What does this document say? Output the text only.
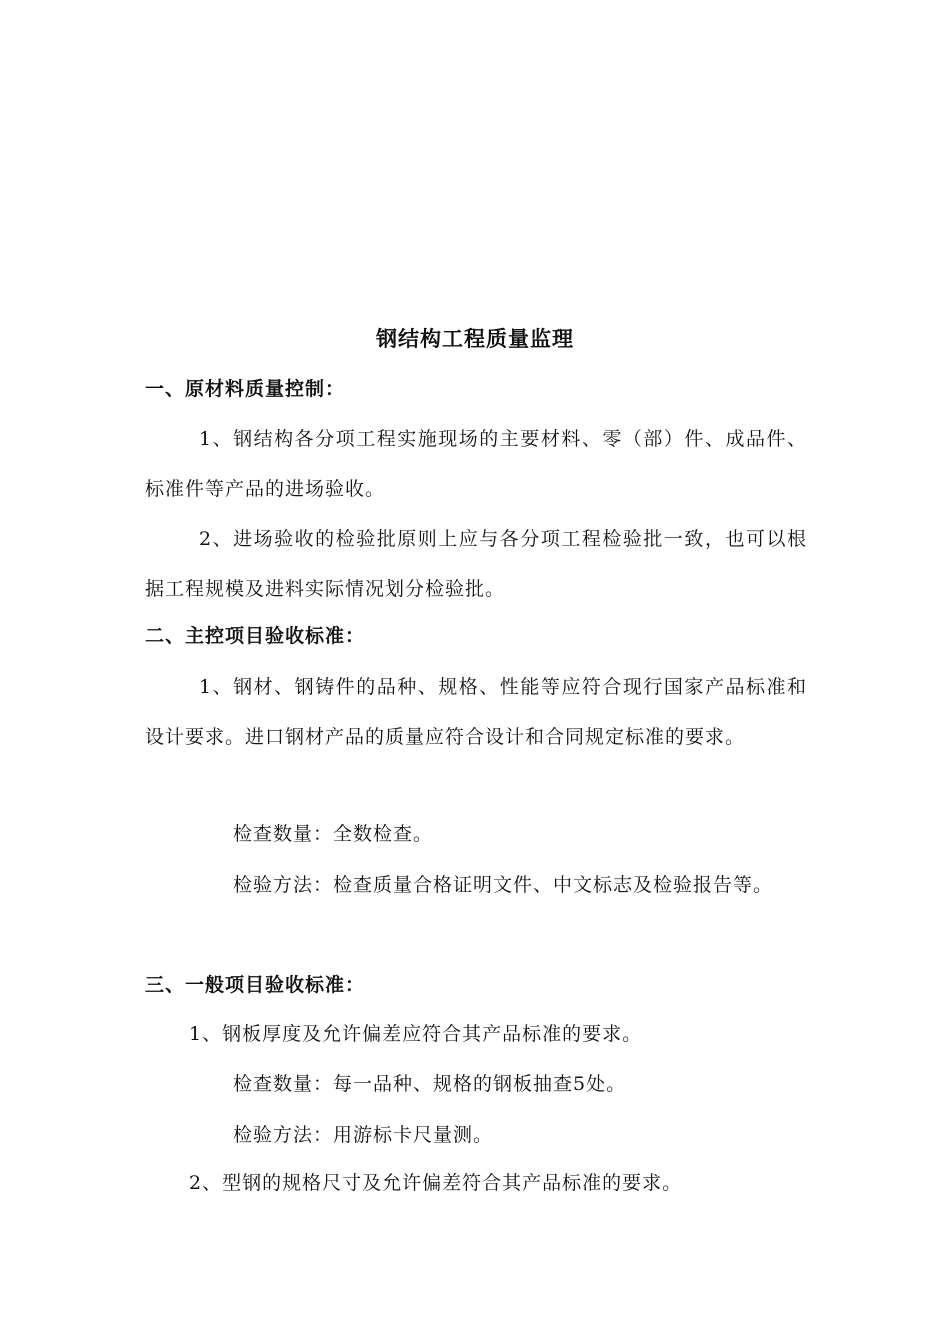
钢结构工程质量监理
一、原材料质量控制：
1、钢结构各分项工程实施现场的主要材料、零（部）件、成品件、标准件等产品的进场验收。
2、进场验收的检验批原则上应与各分项工程检验批一致，也可以根据工程规模及进料实际情况划分检验批。
二、主控项目验收标准：
1、钢材、钢铸件的品种、规格、性能等应符合现行国家产品标准和设计要求。进口钢材产品的质量应符合设计和合同规定标准的要求。
检查数量：全数检查。
检验方法：检查质量合格证明文件、中文标志及检验报告等。
三、一般项目验收标准：
1、钢板厚度及允许偏差应符合其产品标准的要求。
检查数量：每一品种、规格的钢板抽查5处。
检验方法：用游标卡尺量测。
2、型钢的规格尺寸及允许偏差符合其产品标准的要求。
